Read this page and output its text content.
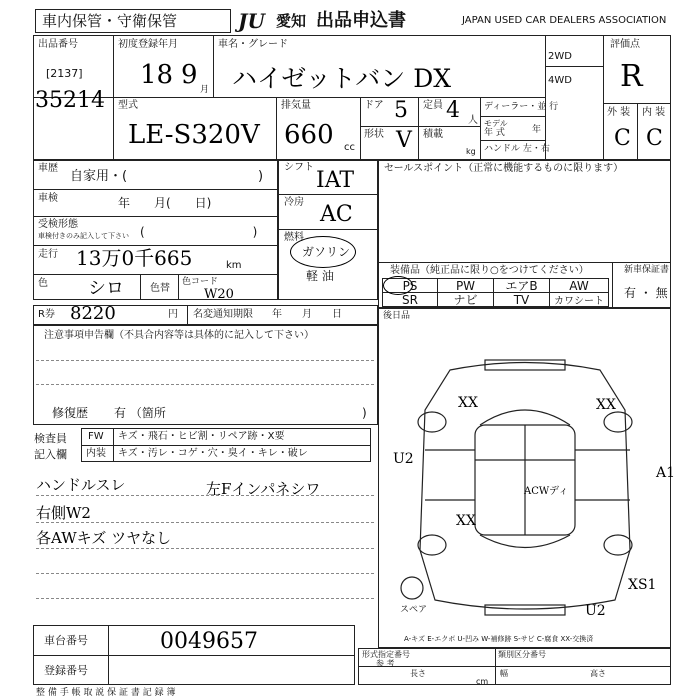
車内保管・守衛保管	JU 愛知 出品申込書	JAPAN USED CAR DEALERS ASSOCIATION
出品番号
[2137]
35214
初度登録年月
18 9 月
車名・グレード
ハイゼットバン DX
2WD
4WD
評価点
R
型式
LE-S320V
排気量
660 cc
ドア 5 定員 4 人
形状 V 積載
kg
ディーラー・並 行
モデル
年 式	年
ハンドル 左・右
外 装 内 装
C C
車歴
自家用・(	)
車検	年　　月(　　日)
受検形態
車検付きのみ記入して下さい (　　　　　　　　　)
走行 13万0千665	km
色 シロ	色替
色コード
W20
シフト
IAT
冷房 AC
燃料
ガソリン
軽 油
セールスポイント（正常に機能するものに限ります）
装備品（純正品に限り○をつけてください）
PS	PW	エアB	AW
SR	ナビ	TV	カワシート
新車保証書
有 ・ 無
R券 8220	円 名変通知期限 年　　月　　日
注意事項申告欄（不具合内容等は具体的に記入して下さい）
修復歴 有 （箇所	)
検査員
記入欄
FW キズ・飛石・ヒビ割・リペア跡・X要
内装 キズ・汚レ・コゲ・穴・臭イ・キレ・破レ
ハンドルスレ	左Fインパネシワ
右側W2
各AWキズ ツヤなし
後日品
XX	XX
U2
A1
XX
XS1
U2
ACWディ
スペア
A-キズ E-エクボ U-凹み W-補修跡 S-サビ C-腐食 XX-交換済
車台番号	0049657
登録番号
形式指定番号
参 考
類別区分番号
長さ
cm
幅	高さ
整 備 手 帳 取 説 保 証 書 記 録 簿
